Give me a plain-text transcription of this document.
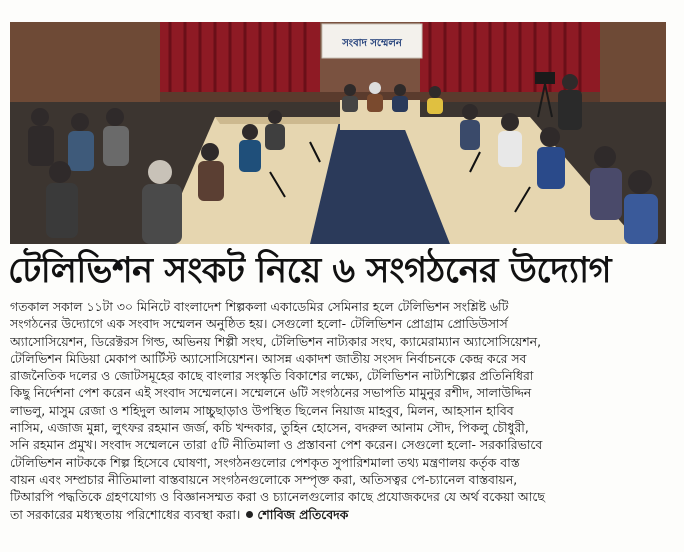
সংবাদ সম্মেলন
টেলিভিশন সংকট নিয়ে ৬ সংগঠনের উদ্যোগ
গতকাল সকাল ১১টা ৩০ মিনিটে বাংলাদেশ শিল্পকলা একাডেমির সেমিনার হলে টেলিভিশন সংশ্লিষ্ট ৬টি
সংগঠনের উদ্যোগে এক সংবাদ সম্মেলন অনুষ্ঠিত হয়। সেগুলো হলো- টেলিভিশন প্রোগ্রাম প্রোডিউসার্স
অ্যাসোসিয়েশন, ডিরেক্টরস গিল্ড, অভিনয় শিল্পী সংঘ, টেলিভিশন নাট্যকার সংঘ, ক্যামেরাম্যান অ্যাসোসিয়েশন,
টেলিভিশন মিডিয়া মেকাপ আর্টিস্ট অ্যাসোসিয়েশন। আসন্ন একাদশ জাতীয় সংসদ নির্বাচনকে কেন্দ্র করে সব
রাজনৈতিক দলের ও জোটসমূহের কাছে বাংলার সংস্কৃতি বিকাশের লক্ষ্যে, টেলিভিশন নাট্যশিল্পের প্রতিনিধিরা
কিছু নির্দেশনা পেশ করেন এই সংবাদ সম্মেলনে। সম্মেলনে ৬টি সংগঠনের সভাপতি মামুনুর রশীদ, সালাউদ্দিন
লাভলু, মাসুম রেজা ও শহিদুল আলম সাচ্চুছাড়াও উপস্থিত ছিলেন নিয়াজ মাহবুব, মিলন, আহসান হাবিব
নাসিম, এজাজ মুন্না, লুৎফর রহমান জর্জ, কচি খন্দকার, তুহিন হোসেন, বদরুল আনাম সৌদ, পিকলু চৌধুরী,
সনি রহমান প্রমুখ। সংবাদ সম্মেলনে তারা ৫টি নীতিমালা ও প্রস্তাবনা পেশ করেন। সেগুলো হলো- সরকারিভাবে
টেলিভিশন নাটককে শিল্প হিসেবে ঘোষণা, সংগঠনগুলোর পেশকৃত সুপারিশমালা তথ্য মন্ত্রণালয় কর্তৃক বাস্ত
বায়ন এবং সম্প্রচার নীতিমালা বাস্তবায়নে সংগঠনগুলোকে সম্পৃক্ত করা, অতিসত্বর পে-চ্যানেল বাস্তবায়ন,
টিআরপি পদ্ধতিকে গ্রহণযোগ্য ও বিজ্ঞানসম্মত করা ও চ্যানেলগুলোর কাছে প্রযোজকদের যে অর্থ বকেয়া আছে
তা সরকারের মধ্যস্থতায় পরিশোধের ব্যবস্থা করা। শোবিজ প্রতিবেদক
